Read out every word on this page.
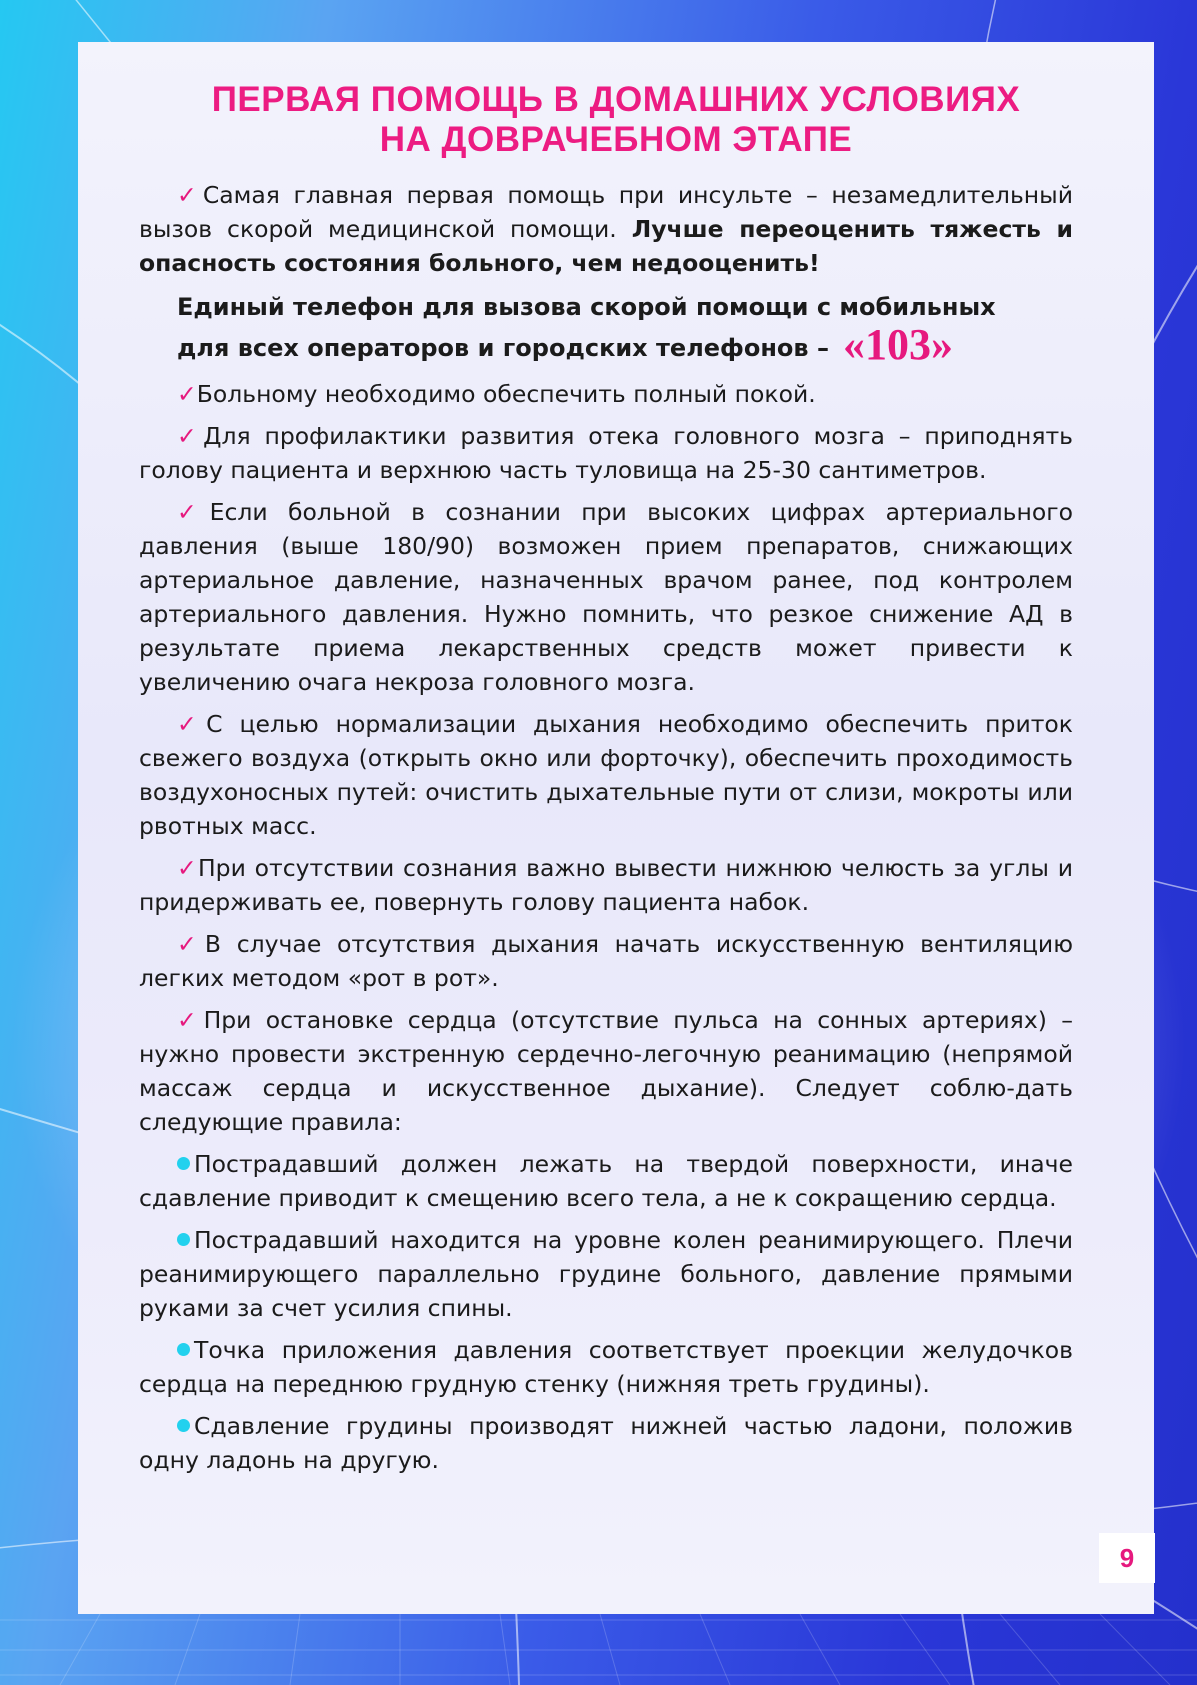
ПЕРВАЯ ПОМОЩЬ В ДОМАШНИХ УСЛОВИЯХ
НА ДОВРАЧЕБНОМ ЭТАПЕ

✓Самая главная первая помощь при инсульте – незамедлительный вызов скорой медицинской помощи. Лучше переоценить тяжесть и опасность состояния больного, чем недооценить!

Единый телефон для вызова скорой помощи с мобильных
для всех операторов и городских телефонов – «103»

✓Больному необходимо обеспечить полный покой.

✓Для профилактики развития отека головного мозга – приподнять голову пациента и верхнюю часть туловища на 25-30 сантиметров.

✓Если больной в сознании при высоких цифрах артериального давления (выше 180/90) возможен прием препаратов, снижающих артериальное давление, назначенных врачом ранее, под контролем артериального давления. Нужно помнить, что резкое снижение АД в результате приема лекарственных средств может привести к увеличению очага некроза головного мозга.

✓С целью нормализации дыхания необходимо обеспечить приток свежего воздуха (открыть окно или форточку), обеспечить проходимость воздухоносных путей: очистить дыхательные пути от слизи, мокроты или рвотных масс.

✓При отсутствии сознания важно вывести нижнюю челюсть за углы и придерживать ее, повернуть голову пациента набок.

✓В случае отсутствия дыхания начать искусственную вентиляцию легких методом «рот в рот».

✓При остановке сердца (отсутствие пульса на сонных артериях) – нужно провести экстренную сердечно-легочную реанимацию (непрямой массаж сердца и искусственное дыхание). Следует соблю-дать следующие правила:

Пострадавший должен лежать на твердой поверхности, иначе сдавление приводит к смещению всего тела, а не к сокращению сердца.

Пострадавший находится на уровне колен реанимирующего. Плечи реанимирующего параллельно грудине больного, давление прямыми руками за счет усилия спины.

Точка приложения давления соответствует проекции желудочков сердца на переднюю грудную стенку (нижняя треть грудины).

Сдавление грудины производят нижней частью ладони, положив одну ладонь на другую.

9
